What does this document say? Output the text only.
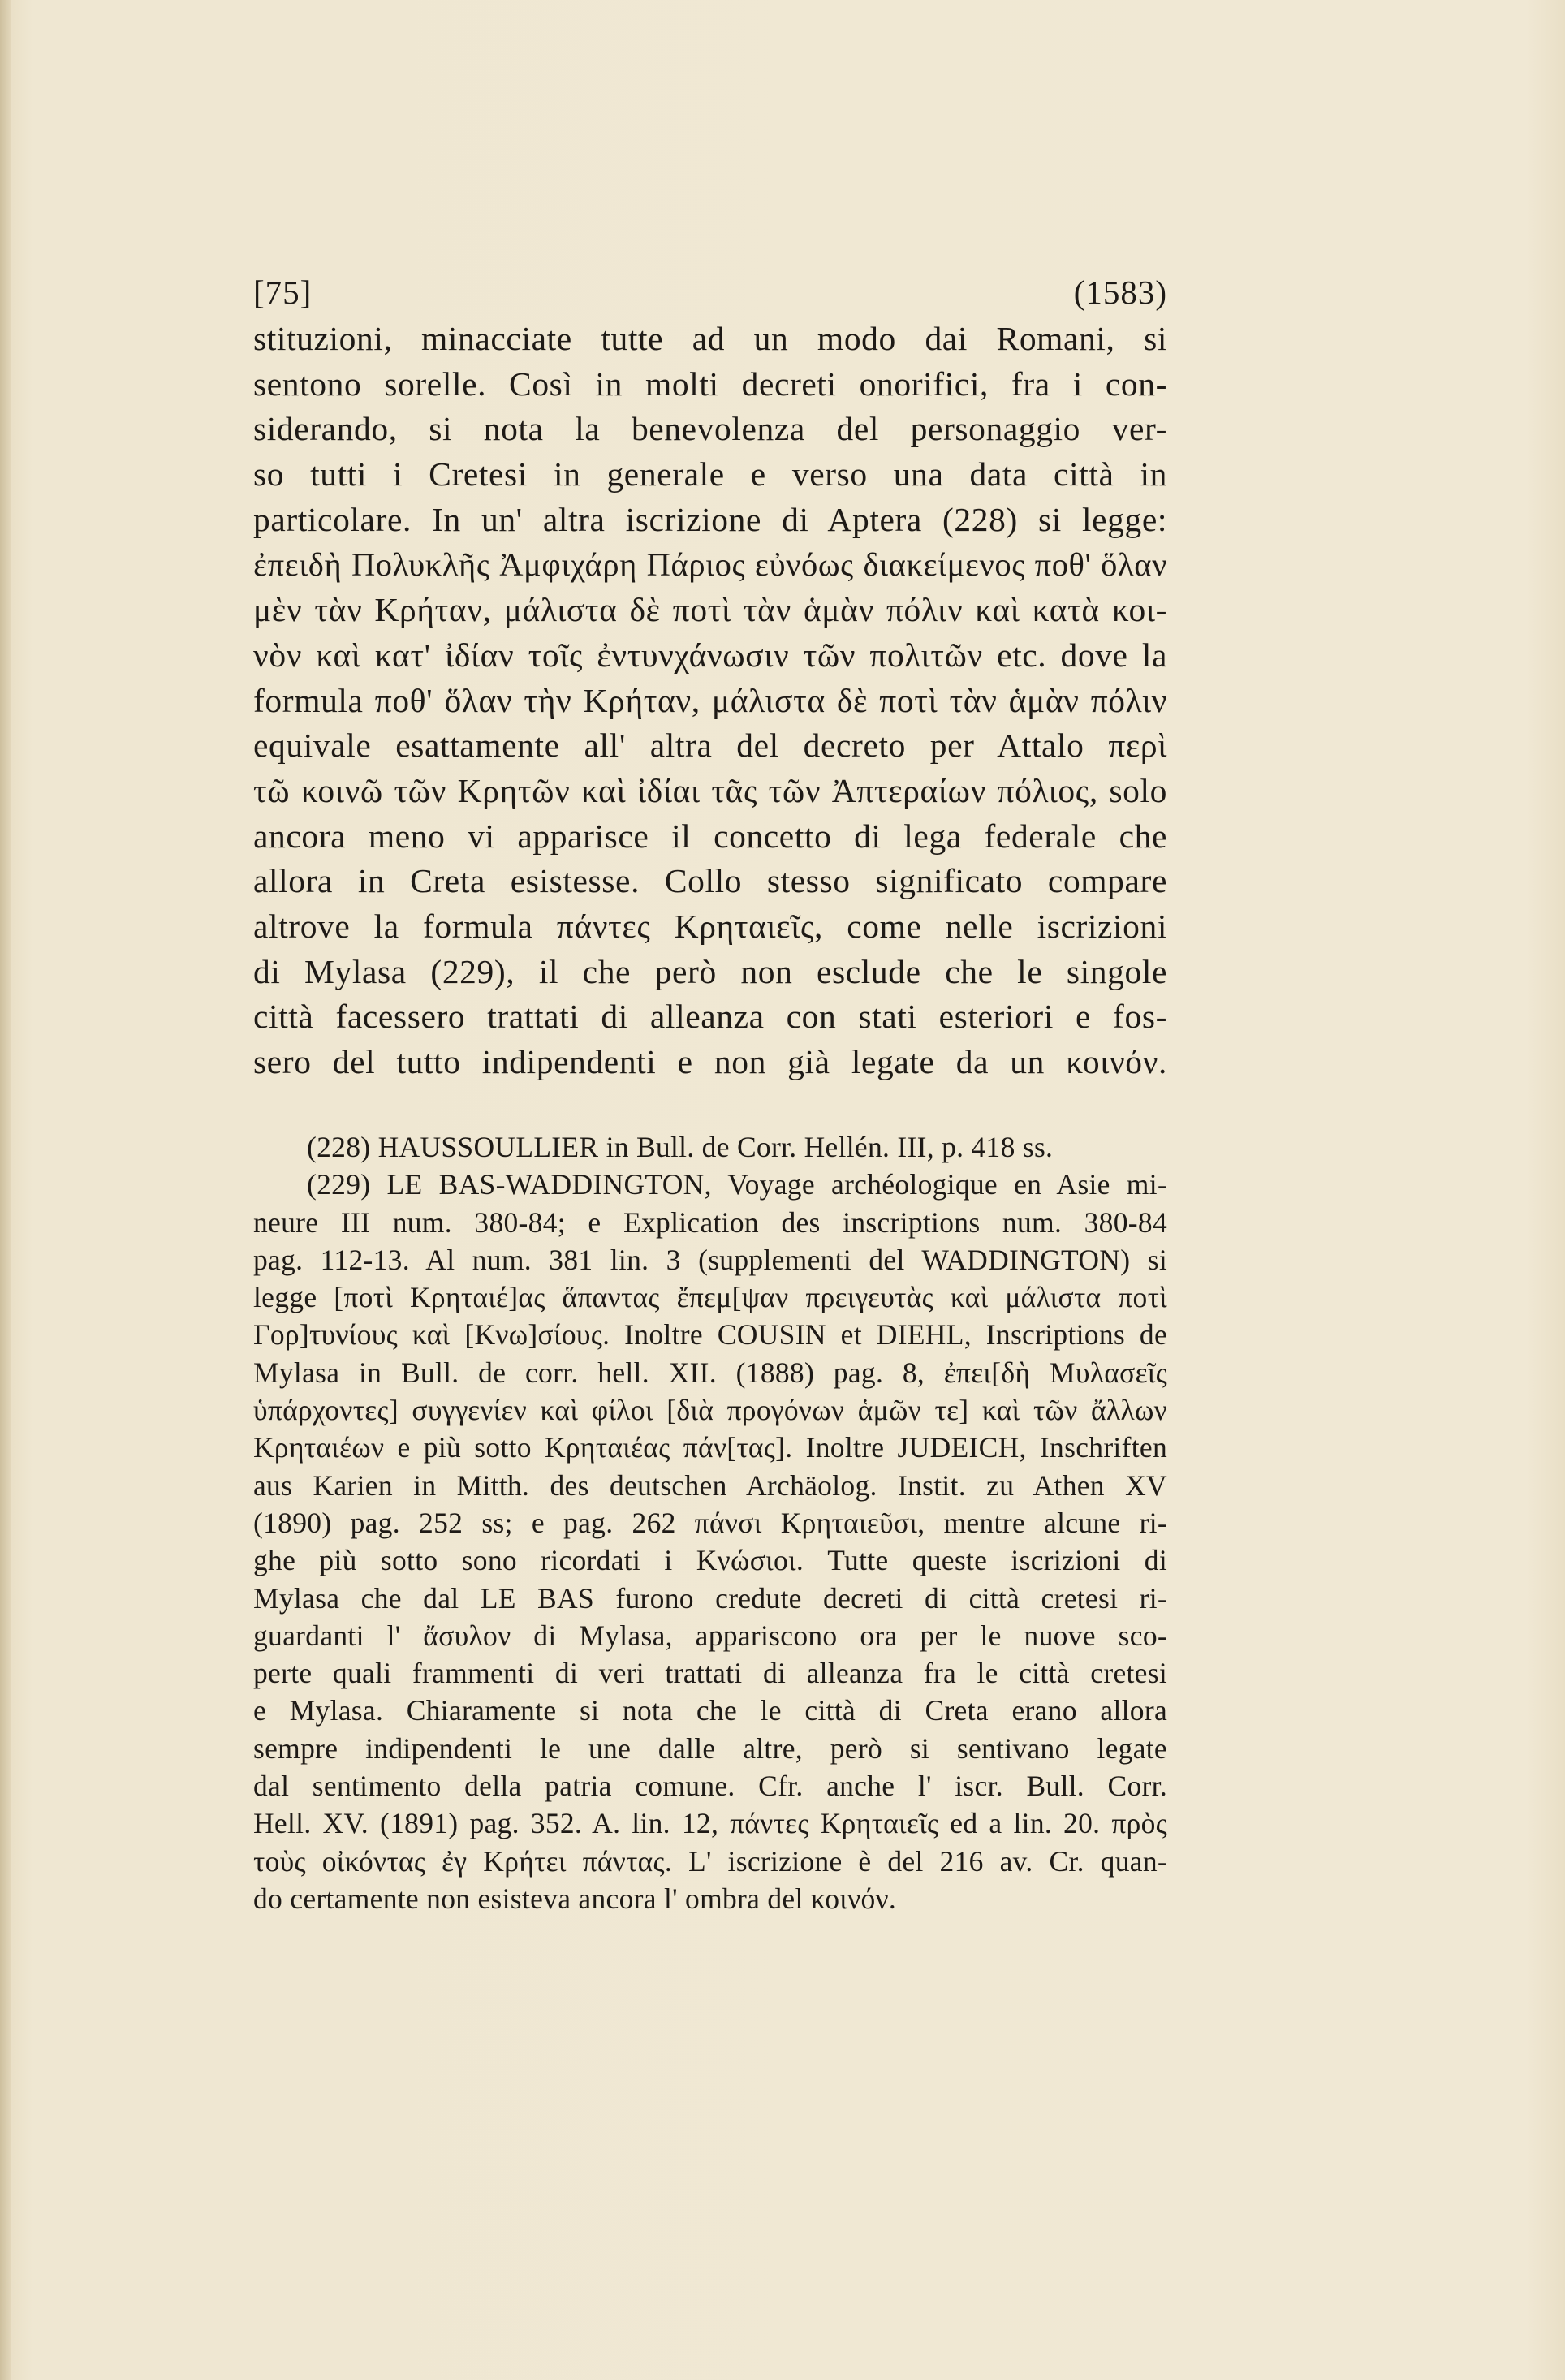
[75]	(1583)
stituzioni, minacciate tutte ad un modo dai Romani, si
sentono sorelle. Così in molti decreti onorifici, fra i con-
siderando, si nota la benevolenza del personaggio ver-
so tutti i Cretesi in generale e verso una data città in
particolare. In un' altra iscrizione di Aptera (228) si legge:
ἐπειδὴ Πολυκλῆς Ἀμφιχάρη Πάριος εὐνόως διακείμενος ποθ' ὅλαν
μὲν τὰν Κρήταν, μάλιστα δὲ ποτὶ τὰν ἁμὰν πόλιν καὶ κατὰ κοι-
νὸν καὶ κατ' ἰδίαν τοῖς ἐντυνχάνωσιν τῶν πολιτῶν etc. dove la
formula ποθ' ὅλαν τὴν Κρήταν, μάλιστα δὲ ποτὶ τὰν ἁμὰν πόλιν
equivale esattamente all' altra del decreto per Attalo περὶ
τῶ κοινῶ τῶν Κρητῶν καὶ ἰδίαι τᾶς τῶν Ἀπτεραίων πόλιος, solo
ancora meno vi apparisce il concetto di lega federale che
allora in Creta esistesse. Collo stesso significato compare
altrove la formula πάντες Κρηταιεῖς, come nelle iscrizioni
di Mylasa (229), il che però non esclude che le singole
città facessero trattati di alleanza con stati esteriori e fos-
sero del tutto indipendenti e non già legate da un κοινόν.
(228) HAUSSOULLIER in Bull. de Corr. Hellén. III, p. 418 ss.
(229) LE BAS-WADDINGTON, Voyage archéologique en Asie mi-
neure III num. 380-84; e Explication des inscriptions num. 380-84
pag. 112-13. Al num. 381 lin. 3 (supplementi del WADDINGTON) si
legge [ποτὶ Κρηταιέ]ας ἅπαντας ἔπεμ[ψαν πρειγευτὰς καὶ μάλιστα ποτὶ
Γορ]τυνίους καὶ [Κνω]σίους. Inoltre COUSIN et DIEHL, Inscriptions de
Mylasa in Bull. de corr. hell. XII. (1888) pag. 8, ἐπει[δὴ Μυλασεῖς
ὑπάρχοντες] συγγενίεν καὶ φίλοι [διὰ προγόνων ἁμῶν τε] καὶ τῶν ἄλλων
Κρηταιέων e più sotto Κρηταιέας πάν[τας]. Inoltre JUDEICH, Inschriften
aus Karien in Mitth. des deutschen Archäolog. Instit. zu Athen XV
(1890) pag. 252 ss; e pag. 262 πάνσι Κρηταιεῦσι, mentre alcune ri-
ghe più sotto sono ricordati i Κνώσιοι. Tutte queste iscrizioni di
Mylasa che dal LE BAS furono credute decreti di città cretesi ri-
guardanti l' ἄσυλον di Mylasa, appariscono ora per le nuove sco-
perte quali frammenti di veri trattati di alleanza fra le città cretesi
e Mylasa. Chiaramente si nota che le città di Creta erano allora
sempre indipendenti le une dalle altre, però si sentivano legate
dal sentimento della patria comune. Cfr. anche l' iscr. Bull. Corr.
Hell. XV. (1891) pag. 352. A. lin. 12, πάντες Κρηταιεῖς ed a lin. 20. πρὸς
τοὺς οἰκόντας ἐγ Κρήτει πάντας. L' iscrizione è del 216 av. Cr. quan-
do certamente non esisteva ancora l' ombra del κοινόν.
